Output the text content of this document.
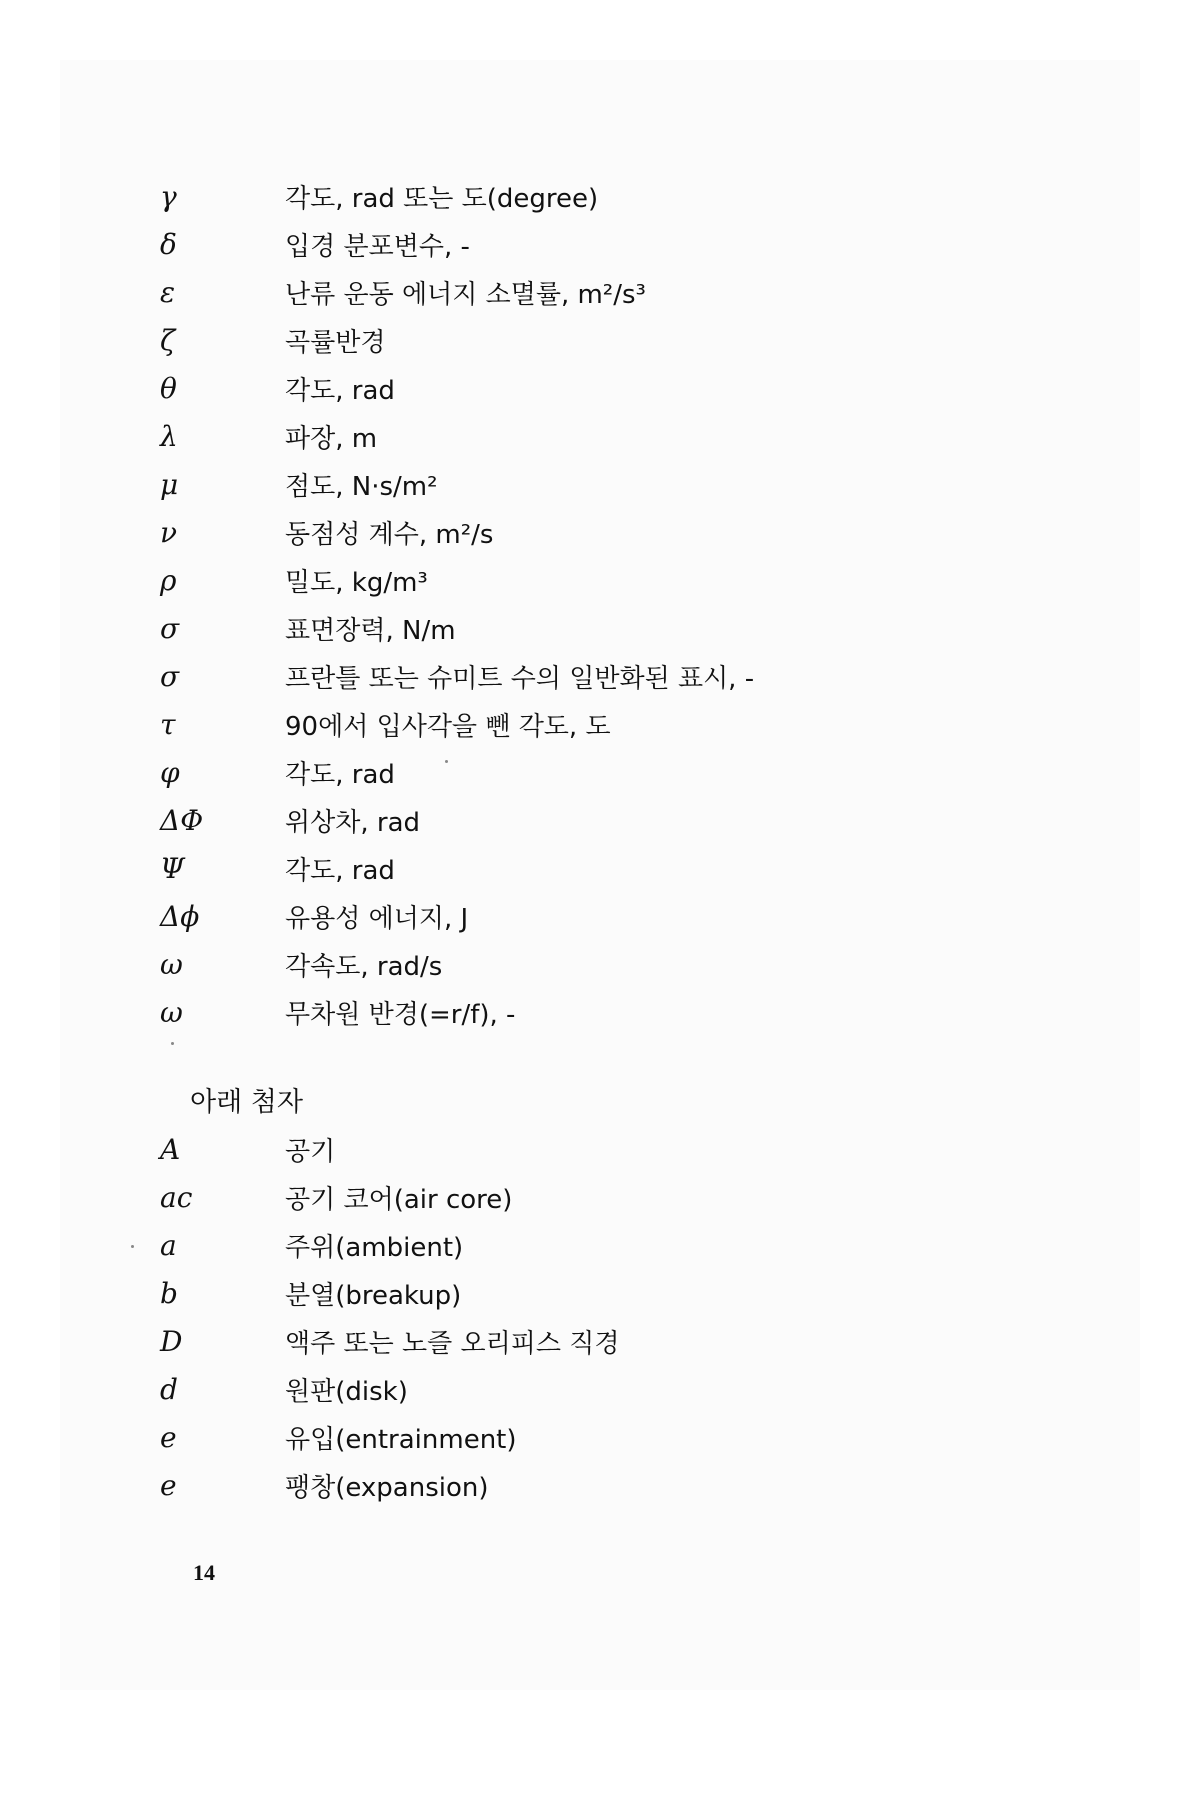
γ	각도, rad 또는 도(degree)
δ	입경 분포변수, -
ε	난류 운동 에너지 소멸률, m²/s³
ζ	곡률반경
θ	각도, rad
λ	파장, m
μ	점도, N·s/m²
ν	동점성 계수, m²/s
ρ	밀도, kg/m³
σ	표면장력, N/m
σ	프란틀 또는 슈미트 수의 일반화된 표시, -
τ	90에서 입사각을 뺀 각도, 도
φ	각도, rad
ΔΦ	위상차, rad
Ψ	각도, rad
Δϕ	유용성 에너지, J
ω	각속도, rad/s
ω	무차원 반경(=r/f), -
아래 첨자
A	공기
ac	공기 코어(air core)
a	주위(ambient)
b	분열(breakup)
D	액주 또는 노즐 오리피스 직경
d	원판(disk)
e	유입(entrainment)
e	팽창(expansion)
14
